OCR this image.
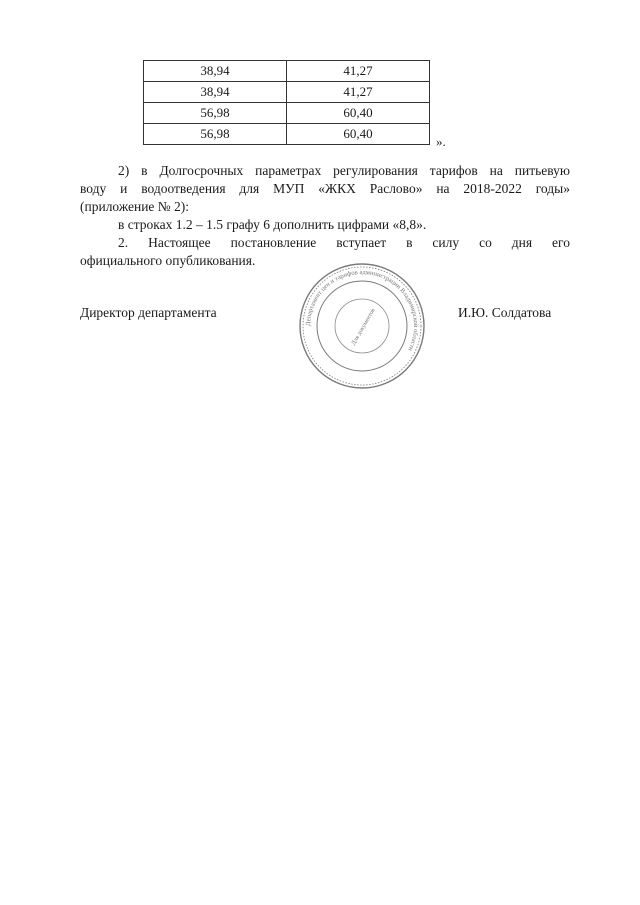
38,94	41,27
38,94	41,27
56,98	60,40
56,98	60,40
».
2) в Долгосрочных параметрах регулирования тарифов на питьевую
воду и водоотведения для МУП «ЖКХ Раслово» на 2018-2022 годы»
(приложение № 2):
в строках 1.2 – 1.5 графу 6 дополнить цифрами «8,8».
2. Настоящее постановление вступает в силу со дня его
официального опубликования.
Директор департамента	И.Ю. Солдатова
Департамент цен и тарифов администрации Владимирской области
Для документов
